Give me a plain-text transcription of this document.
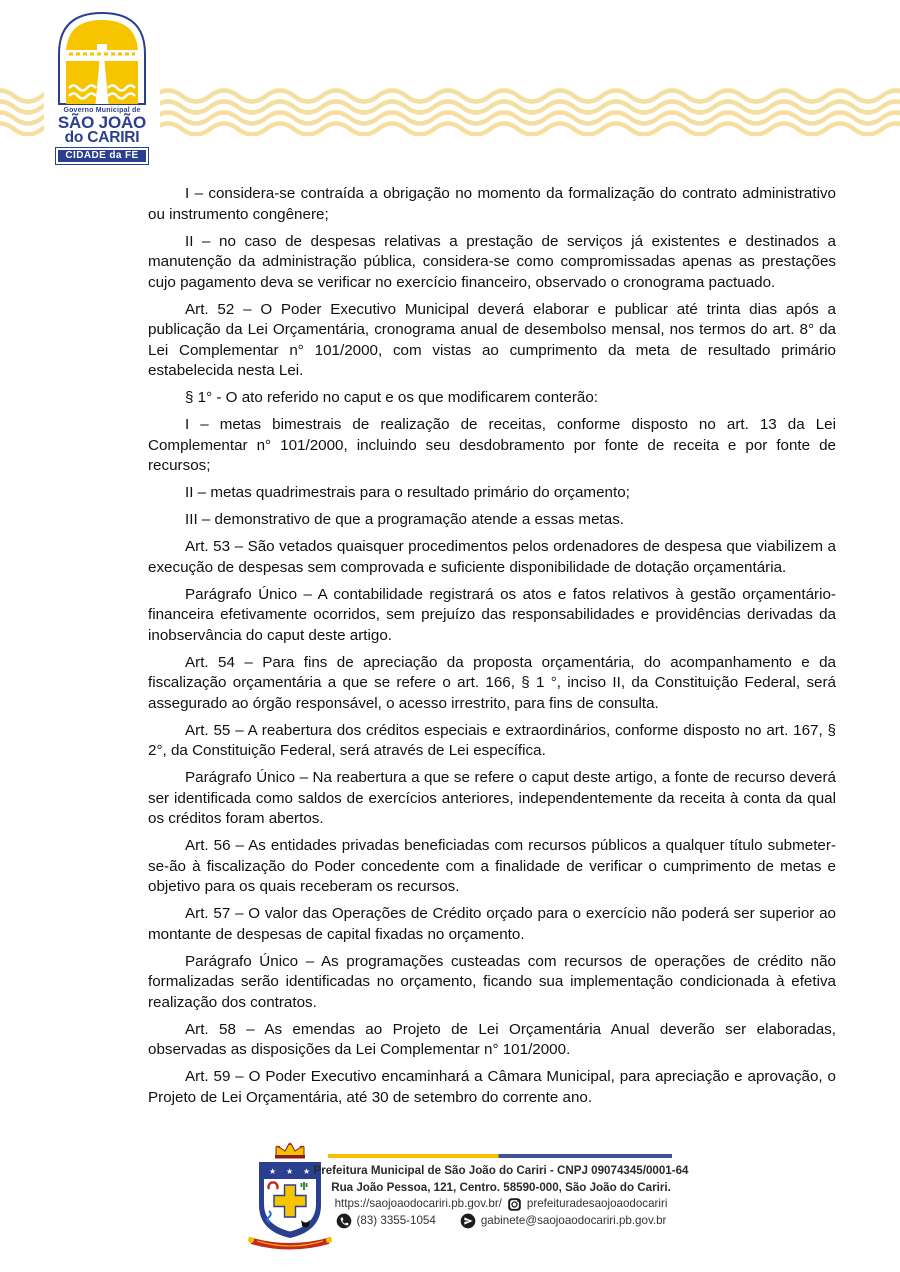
Governo Municipal de
SÃO JOÃO
do CARIRI
CIDADE da FÉ

I – considera-se contraída a obrigação no momento da formalização do contrato administrativo ou instrumento congênere;

II – no caso de despesas relativas a prestação de serviços já existentes e destinados a manutenção da administração pública, considera-se como compromissadas apenas as prestações cujo pagamento deva se verificar no exercício financeiro, observado o cronograma pactuado.

Art. 52 – O Poder Executivo Municipal deverá elaborar e publicar até trinta dias após a publicação da Lei Orçamentária, cronograma anual de desembolso mensal, nos termos do art. 8° da Lei Complementar n° 101/2000, com vistas ao cumprimento da meta de resultado primário estabelecida nesta Lei.

§ 1° - O ato referido no caput e os que modificarem conterão:

I – metas bimestrais de realização de receitas, conforme disposto no art. 13 da Lei Complementar n° 101/2000, incluindo seu desdobramento por fonte de receita e por fonte de recursos;

II – metas quadrimestrais para o resultado primário do orçamento;

III – demonstrativo de que a programação atende a essas metas.

Art. 53 – São vetados quaisquer procedimentos pelos ordenadores de despesa que viabilizem a execução de despesas sem comprovada e suficiente disponibilidade de dotação orçamentária.

Parágrafo Único – A contabilidade registrará os atos e fatos relativos à gestão orçamentário-financeira efetivamente ocorridos, sem prejuízo das responsabilidades e providências derivadas da inobservância do caput deste artigo.

Art. 54 – Para fins de apreciação da proposta orçamentária, do acompanhamento e da fiscalização orçamentária a que se refere o art. 166, § 1 °, inciso II, da Constituição Federal, será assegurado ao órgão responsável, o acesso irrestrito, para fins de consulta.

Art. 55 – A reabertura dos créditos especiais e extraordinários, conforme disposto no art. 167, § 2°, da Constituição Federal, será através de Lei específica.

Parágrafo Único – Na reabertura a que se refere o caput deste artigo, a fonte de recurso deverá ser identificada como saldos de exercícios anteriores, independentemente da receita à conta da qual os créditos foram abertos.

Art. 56 – As entidades privadas beneficiadas com recursos públicos a qualquer título submeter-se-ão à fiscalização do Poder concedente com a finalidade de verificar o cumprimento de metas e objetivo para os quais receberam os recursos.

Art. 57 – O valor das Operações de Crédito orçado para o exercício não poderá ser superior ao montante de despesas de capital fixadas no orçamento.

Parágrafo Único – As programações custeadas com recursos de operações de crédito não formalizadas serão identificadas no orçamento, ficando sua implementação condicionada à efetiva realização dos contratos.

Art. 58 – As emendas ao Projeto de Lei Orçamentária Anual deverão ser elaboradas, observadas as disposições da Lei Complementar n° 101/2000.

Art. 59 – O Poder Executivo encaminhará a Câmara Municipal, para apreciação e aprovação, o Projeto de Lei Orçamentária, até 30 de setembro do corrente ano.

★ ★ ★ Prefeitura Municipal de São João do Cariri - CNPJ 09074345/0001-64
Rua João Pessoa, 121, Centro. 58590-000, São João do Cariri.
https://saojoaodocariri.pb.gov.br/ prefeituradesaojoaodocariri
(83) 3355-1054	gabinete@saojoaodocariri.pb.gov.br
